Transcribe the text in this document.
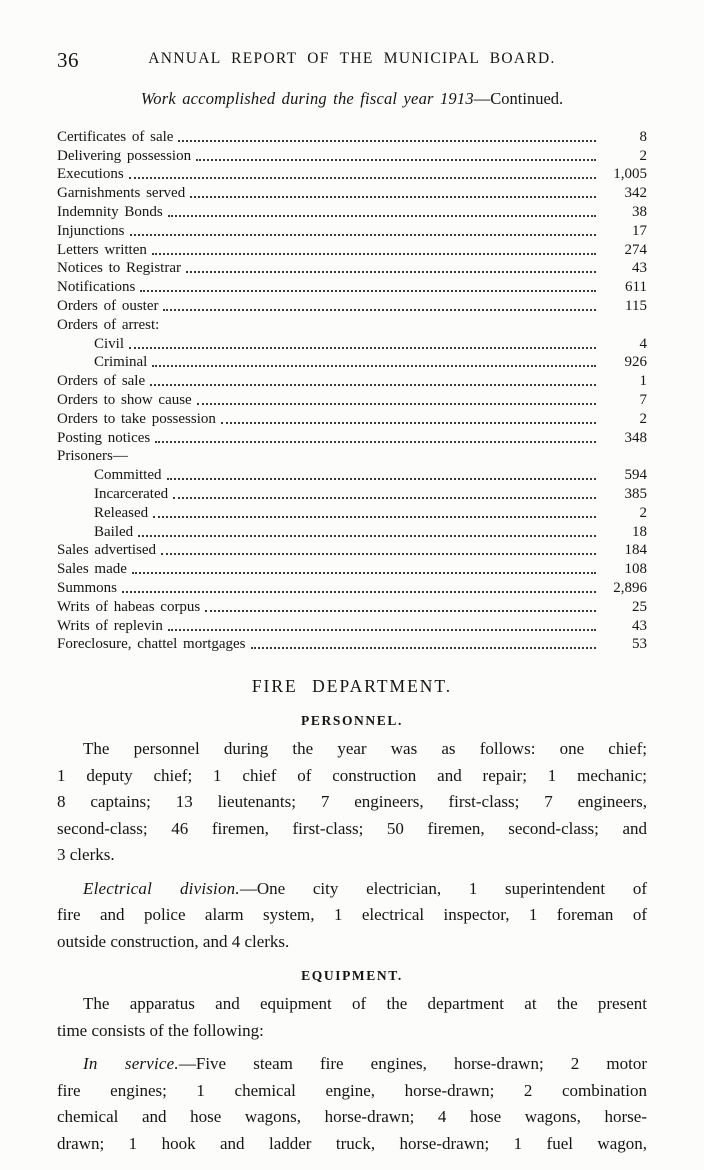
36	ANNUAL REPORT OF THE MUNICIPAL BOARD.
Work accomplished during the fiscal year 1913—Continued.
Certificates of sale	8
Delivering possession	2
Executions	1,005
Garnishments served	342
Indemnity Bonds	38
Injunctions	17
Letters written	274
Notices to Registrar	43
Notifications	611
Orders of ouster	115
Orders of arrest:
Civil	4
Criminal	926
Orders of sale	1
Orders to show cause	7
Orders to take possession	2
Posting notices	348
Prisoners—
Committed	594
Incarcerated	385
Released	2
Bailed	18
Sales advertised	184
Sales made	108
Summons	2,896
Writs of habeas corpus	25
Writs of replevin	43
Foreclosure, chattel mortgages	53
FIRE DEPARTMENT.
PERSONNEL.

The personnel during the year was as follows: one chief;
1 deputy chief; 1 chief of construction and repair; 1 mechanic;
8 captains; 13 lieutenants; 7 engineers, first-class; 7 engineers,
second-class; 46 firemen, first-class; 50 firemen, second-class; and
3 clerks.

Electrical division.—One city electrician, 1 superintendent of
fire and police alarm system, 1 electrical inspector, 1 foreman of
outside construction, and 4 clerks.

EQUIPMENT.

The apparatus and equipment of the department at the present
time consists of the following:

In service.—Five steam fire engines, horse-drawn; 2 motor
fire engines; 1 chemical engine, horse-drawn; 2 combination
chemical and hose wagons, horse-drawn; 4 hose wagons, horse-
drawn; 1 hook and ladder truck, horse-drawn; 1 fuel wagon,
